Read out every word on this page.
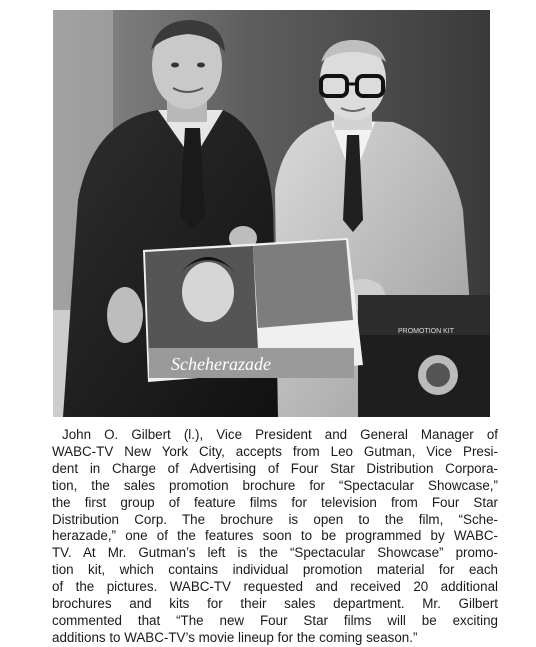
PROMOTION KIT
Scheherazade
John O. Gilbert (l.), Vice President and General Manager of
WABC-TV New York City, accepts from Leo Gutman, Vice Presi-
dent in Charge of Advertising of Four Star Distribution Corpora-
tion, the sales promotion brochure for “Spectacular Showcase,”
the first group of feature films for television from Four Star
Distribution Corp. The brochure is open to the film, “Sche-
herazade,” one of the features soon to be programmed by WABC-
TV. At Mr. Gutman’s left is the “Spectacular Showcase” promo-
tion kit, which contains individual promotion material for each
of the pictures. WABC-TV requested and received 20 additional
brochures and kits for their sales department. Mr. Gilbert
commented that “The new Four Star films will be exciting
additions to WABC-TV’s movie lineup for the coming season.”
